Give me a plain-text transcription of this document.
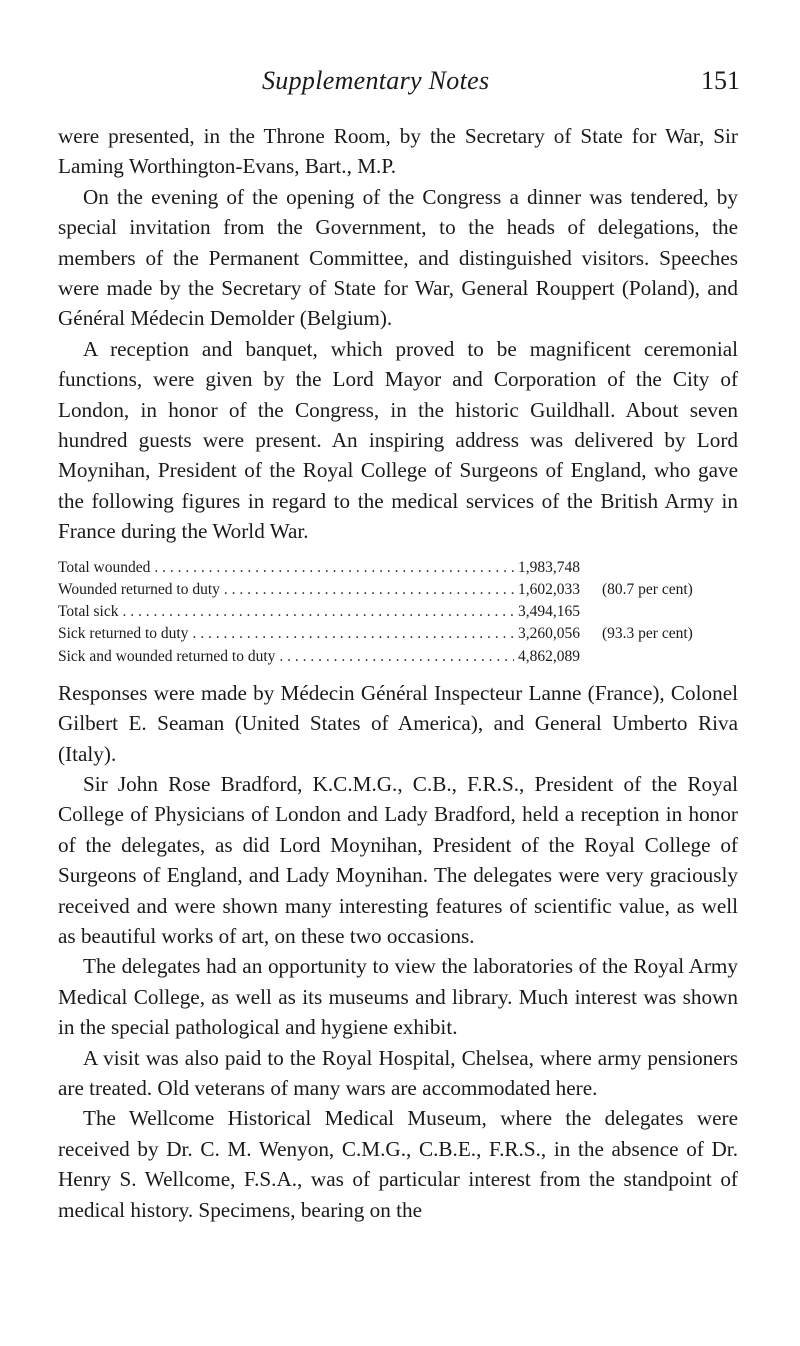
Supplementary Notes	151

were presented, in the Throne Room, by the Secretary of State for War, Sir Laming Worthington-Evans, Bart., M.P.

On the evening of the opening of the Congress a dinner was tendered, by special invitation from the Government, to the heads of delegations, the members of the Permanent Committee, and distinguished visitors. Speeches were made by the Secretary of State for War, General Rouppert (Poland), and Général Médecin Demolder (Belgium).

A reception and banquet, which proved to be magnificent ceremonial functions, were given by the Lord Mayor and Corporation of the City of London, in honor of the Congress, in the historic Guildhall. About seven hundred guests were present. An inspiring address was delivered by Lord Moynihan, President of the Royal College of Surgeons of England, who gave the following figures in regard to the medical services of the British Army in France during the World War.

Total wounded . . .	1,983,748
Wounded returned to duty . . .	1,602,033	(80.7 per cent)
Total sick . . .	3,494,165
Sick returned to duty . . .	3,260,056	(93.3 per cent)
Sick and wounded returned to duty . . .	4,862,089

Responses were made by Médecin Général Inspecteur Lanne (France), Colonel Gilbert E. Seaman (United States of America), and General Umberto Riva (Italy).

Sir John Rose Bradford, K.C.M.G., C.B., F.R.S., President of the Royal College of Physicians of London and Lady Bradford, held a reception in honor of the delegates, as did Lord Moynihan, President of the Royal College of Surgeons of England, and Lady Moynihan. The delegates were very graciously received and were shown many interesting features of scientific value, as well as beautiful works of art, on these two occasions.

The delegates had an opportunity to view the laboratories of the Royal Army Medical College, as well as its museums and library. Much interest was shown in the special pathological and hygiene exhibit.

A visit was also paid to the Royal Hospital, Chelsea, where army pensioners are treated. Old veterans of many wars are accommodated here.

The Wellcome Historical Medical Museum, where the delegates were received by Dr. C. M. Wenyon, C.M.G., C.B.E., F.R.S., in the absence of Dr. Henry S. Wellcome, F.S.A., was of particular interest from the standpoint of medical history. Specimens, bearing on the
